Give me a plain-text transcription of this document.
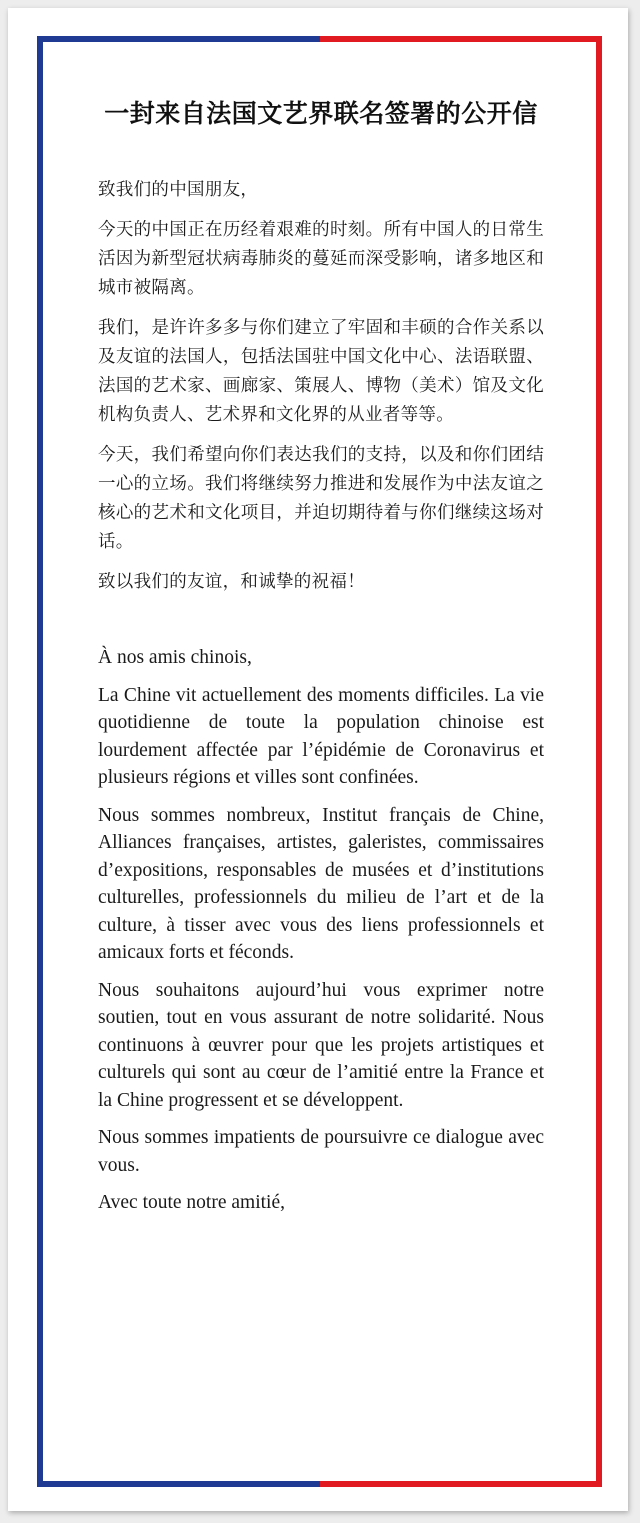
一封来自法国文艺界联名签署的公开信

致我们的中国朋友，

今天的中国正在历经着艰难的时刻。所有中国人的日常生活因为新型冠状病毒肺炎的蔓延而深受影响，诸多地区和城市被隔离。

我们，是许许多多与你们建立了牢固和丰硕的合作关系以及友谊的法国人，包括法国驻中国文化中心、法语联盟、法国的艺术家、画廊家、策展人、博物（美术）馆及文化机构负责人、艺术界和文化界的从业者等等。

今天，我们希望向你们表达我们的支持，以及和你们团结一心的立场。我们将继续努力推进和发展作为中法友谊之核心的艺术和文化项目，并迫切期待着与你们继续这场对话。

致以我们的友谊，和诚挚的祝福！

À nos amis chinois,

La Chine vit actuellement des moments difficiles. La vie quotidienne de toute la population chinoise est lourdement affectée par l’épidémie de Coronavirus et plusieurs régions et villes sont confinées.

Nous sommes nombreux, Institut français de Chine, Alliances françaises, artistes, galeristes, commissaires d’expositions, responsables de musées et d’institutions culturelles, professionnels du milieu de l’art et de la culture, à tisser avec vous des liens professionnels et amicaux forts et féconds.

Nous souhaitons aujourd’hui vous exprimer notre soutien, tout en vous assurant de notre solidarité. Nous continuons à œuvrer pour que les projets artistiques et culturels qui sont au cœur de l’amitié entre la France et la Chine progressent et se développent.

Nous sommes impatients de poursuivre ce dialogue avec vous.

Avec toute notre amitié,
